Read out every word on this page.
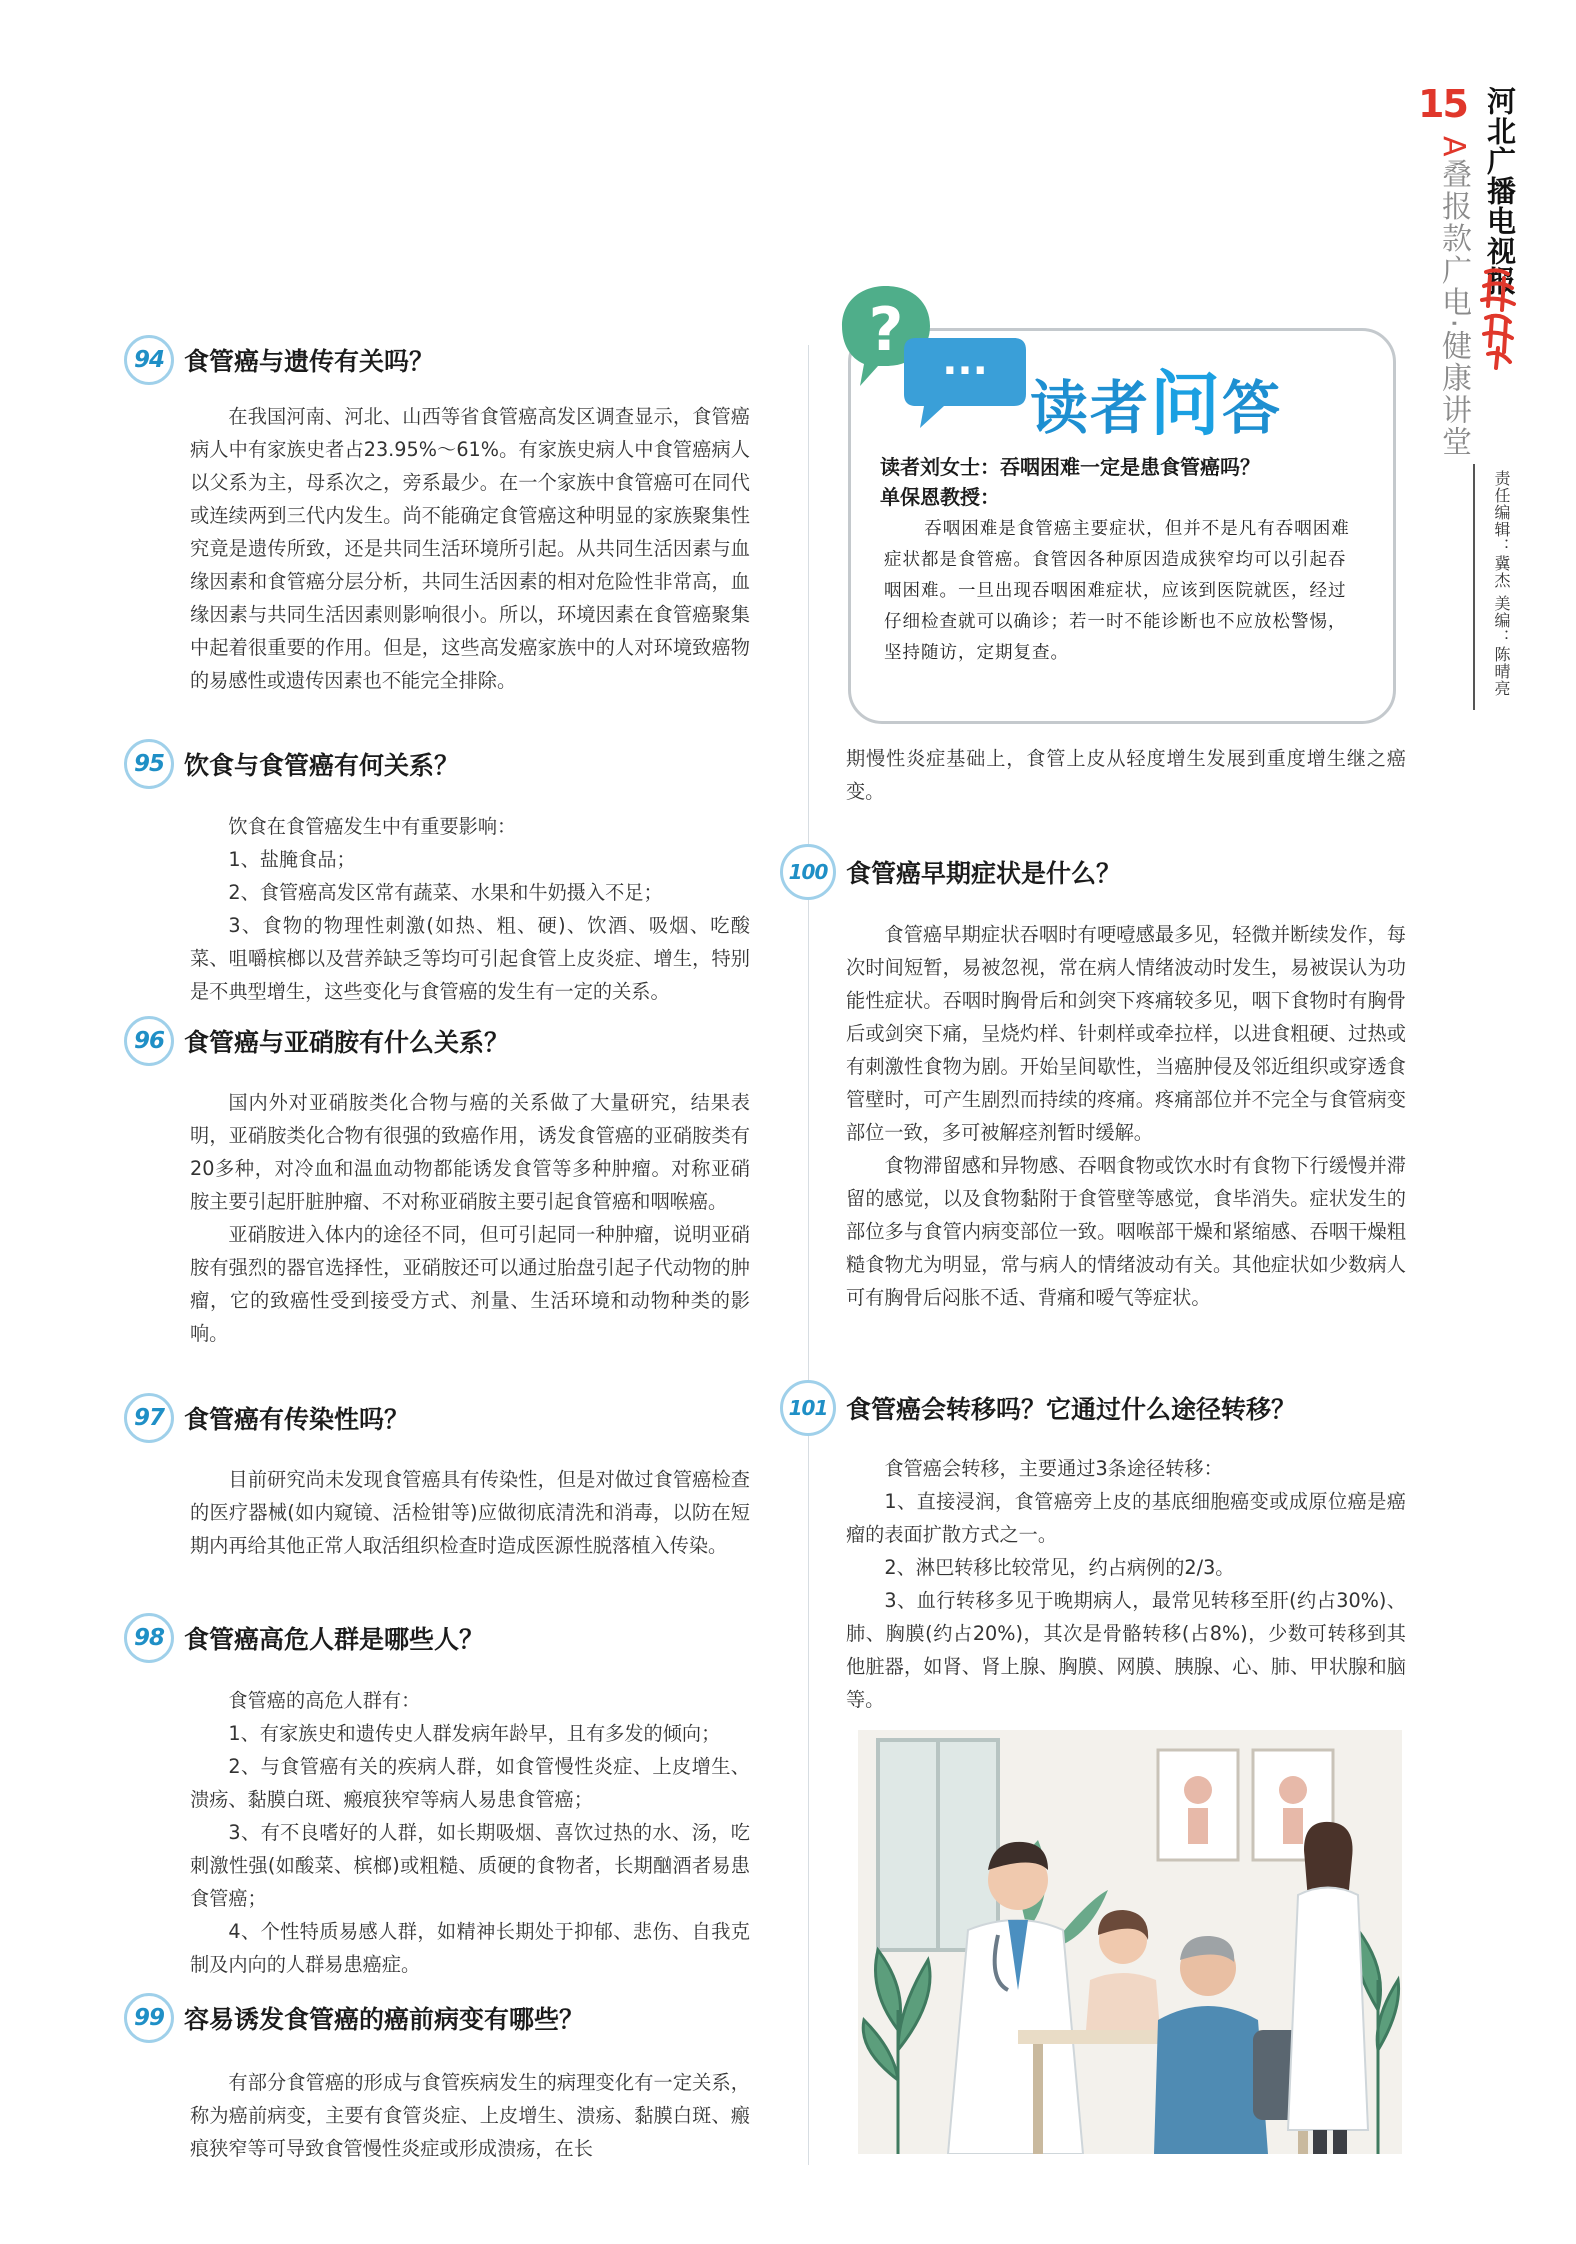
15 河北广播电视报
A叠报款广电·健康讲堂
责任编辑：冀杰 美编：陈晴亮
94 食管癌与遗传有关吗？

在我国河南、河北、山西等省食管癌高发区调查显示，食管癌病人中有家族史者占23.95%～61%。有家族史病人中食管癌病人以父系为主，母系次之，旁系最少。在一个家族中食管癌可在同代或连续两到三代内发生。尚不能确定食管癌这种明显的家族聚集性究竟是遗传所致，还是共同生活环境所引起。从共同生活因素与血缘因素和食管癌分层分析，共同生活因素的相对危险性非常高，血缘因素与共同生活因素则影响很小。所以，环境因素在食管癌聚集中起着很重要的作用。但是，这些高发癌家族中的人对环境致癌物的易感性或遗传因素也不能完全排除。

95 饮食与食管癌有何关系？

饮食在食管癌发生中有重要影响：

1、盐腌食品；

2、食管癌高发区常有蔬菜、水果和牛奶摄入不足；

3、食物的物理性刺激(如热、粗、硬)、饮酒、吸烟、吃酸菜、咀嚼槟榔以及营养缺乏等均可引起食管上皮炎症、增生，特别是不典型增生，这些变化与食管癌的发生有一定的关系。

96 食管癌与亚硝胺有什么关系？

国内外对亚硝胺类化合物与癌的关系做了大量研究，结果表明，亚硝胺类化合物有很强的致癌作用，诱发食管癌的亚硝胺类有20多种，对冷血和温血动物都能诱发食管等多种肿瘤。对称亚硝胺主要引起肝脏肿瘤、不对称亚硝胺主要引起食管癌和咽喉癌。

亚硝胺进入体内的途径不同，但可引起同一种肿瘤，说明亚硝胺有强烈的器官选择性，亚硝胺还可以通过胎盘引起子代动物的肿瘤，它的致癌性受到接受方式、剂量、生活环境和动物种类的影响。

97 食管癌有传染性吗？

目前研究尚未发现食管癌具有传染性，但是对做过食管癌检查的医疗器械(如内窥镜、活检钳等)应做彻底清洗和消毒，以防在短期内再给其他正常人取活组织检查时造成医源性脱落植入传染。

98 食管癌高危人群是哪些人？

食管癌的高危人群有：

1、有家族史和遗传史人群发病年龄早，且有多发的倾向；

2、与食管癌有关的疾病人群，如食管慢性炎症、上皮增生、溃疡、黏膜白斑、瘢痕狭窄等病人易患食管癌；

3、有不良嗜好的人群，如长期吸烟、喜饮过热的水、汤，吃刺激性强(如酸菜、槟榔)或粗糙、质硬的食物者，长期酗酒者易患食管癌；

4、个性特质易感人群，如精神长期处于抑郁、悲伤、自我克制及内向的人群易患癌症。

99 容易诱发食管癌的癌前病变有哪些？

有部分食管癌的形成与食管疾病发生的病理变化有一定关系，称为癌前病变，主要有食管炎症、上皮增生、溃疡、黏膜白斑、瘢痕狭窄等可导致食管慢性炎症或形成溃疡，在长

?
···
读者问答
读者刘女士：吞咽困难一定是患食管癌吗？
单保恩教授：
吞咽困难是食管癌主要症状，但并不是凡有吞咽困难症状都是食管癌。食管因各种原因造成狭窄均可以引起吞咽困难。一旦出现吞咽困难症状，应该到医院就医，经过仔细检查就可以确诊；若一时不能诊断也不应放松警惕，坚持随访，定期复查。

期慢性炎症基础上，食管上皮从轻度增生发展到重度增生继之癌变。

100 食管癌早期症状是什么？

食管癌早期症状吞咽时有哽噎感最多见，轻微并断续发作，每次时间短暂，易被忽视，常在病人情绪波动时发生，易被误认为功能性症状。吞咽时胸骨后和剑突下疼痛较多见，咽下食物时有胸骨后或剑突下痛，呈烧灼样、针刺样或牵拉样，以进食粗硬、过热或有刺激性食物为剧。开始呈间歇性，当癌肿侵及邻近组织或穿透食管壁时，可产生剧烈而持续的疼痛。疼痛部位并不完全与食管病变部位一致，多可被解痉剂暂时缓解。

食物滞留感和异物感、吞咽食物或饮水时有食物下行缓慢并滞留的感觉，以及食物黏附于食管壁等感觉，食毕消失。症状发生的部位多与食管内病变部位一致。咽喉部干燥和紧缩感、吞咽干燥粗糙食物尤为明显，常与病人的情绪波动有关。其他症状如少数病人可有胸骨后闷胀不适、背痛和嗳气等症状。

101 食管癌会转移吗？它通过什么途径转移？

食管癌会转移，主要通过3条途径转移：

1、直接浸润，食管癌旁上皮的基底细胞癌变或成原位癌是癌瘤的表面扩散方式之一。

2、淋巴转移比较常见，约占病例的2/3。

3、血行转移多见于晚期病人，最常见转移至肝(约占30%)、肺、胸膜(约占20%)，其次是骨骼转移(占8%)，少数可转移到其他脏器，如肾、肾上腺、胸膜、网膜、胰腺、心、肺、甲状腺和脑等。
